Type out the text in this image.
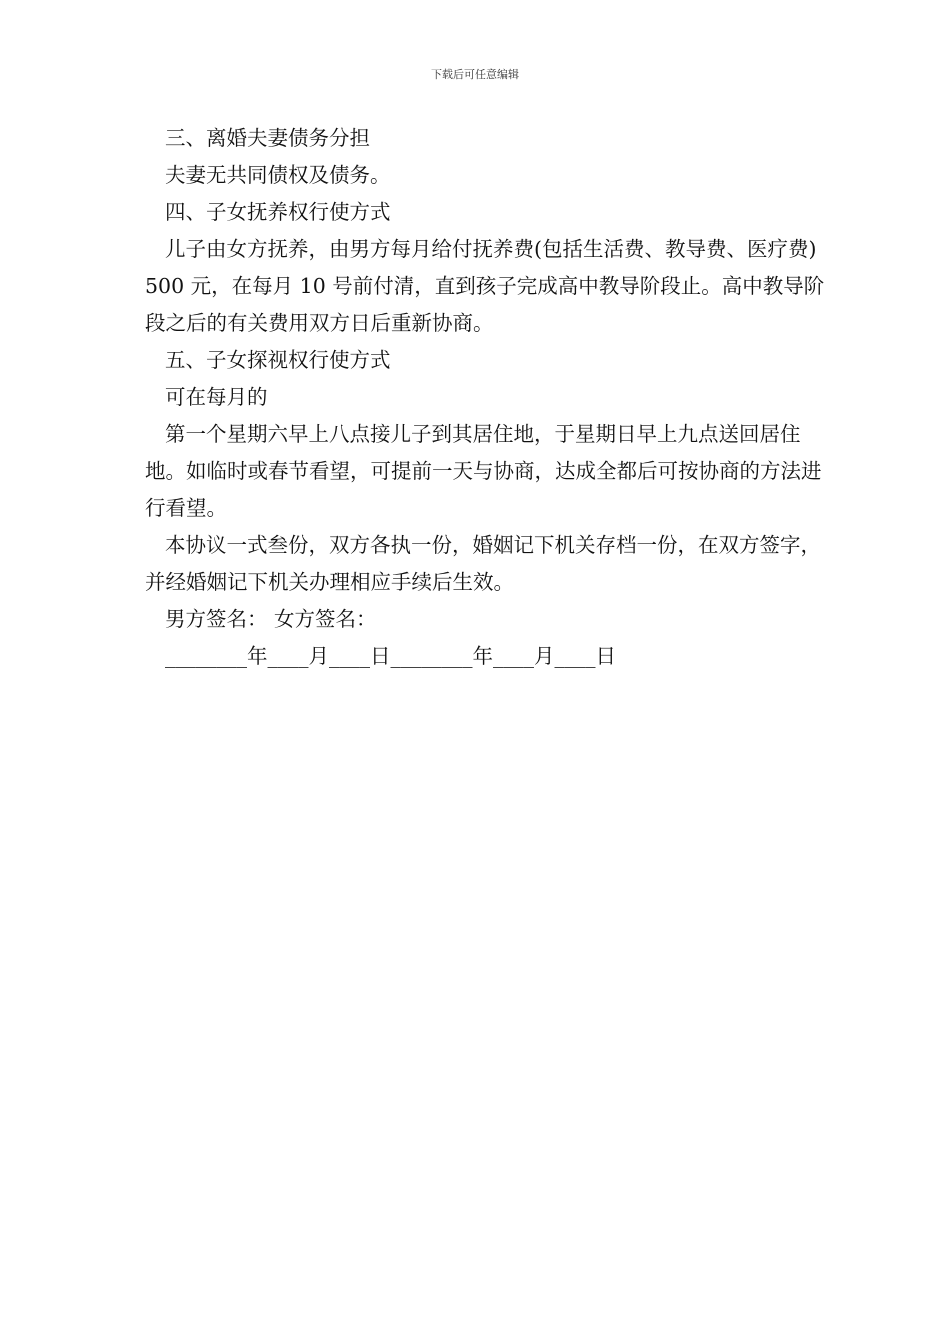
下载后可任意编辑

三、离婚夫妻债务分担

夫妻无共同债权及债务。

四、子女抚养权行使方式

儿子由女方抚养，由男方每月给付抚养费(包括生活费、教导费、医疗费)500 元，在每月 10 号前付清，直到孩子完成高中教导阶段止。高中教导阶段之后的有关费用双方日后重新协商。

五、子女探视权行使方式

可在每月的

第一个星期六早上八点接儿子到其居住地，于星期日早上九点送回居住地。如临时或春节看望，可提前一天与协商，达成全都后可按协商的方法进行看望。

本协议一式叁份，双方各执一份，婚姻记下机关存档一份，在双方签字，并经婚姻记下机关办理相应手续后生效。

男方签名： 女方签名：

________年____月____日________年____月____日
